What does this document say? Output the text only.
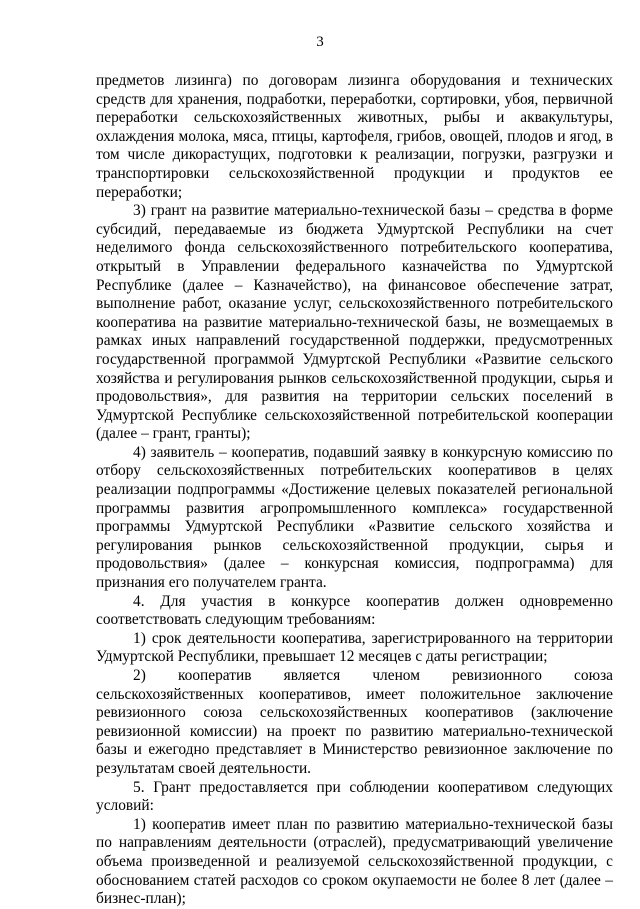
3

предметов лизинга) по договорам лизинга оборудования и технических средств для хранения, подработки, переработки, сортировки, убоя, первичной переработки сельскохозяйственных животных, рыбы и аквакультуры, охлаждения молока, мяса, птицы, картофеля, грибов, овощей, плодов и ягод, в том числе дикорастущих, подготовки к реализации, погрузки, разгрузки и транспортировки сельскохозяйственной продукции и продуктов ее переработки;

3) грант на развитие материально-технической базы – средства в форме субсидий, передаваемые из бюджета Удмуртской Республики на счет неделимого фонда сельскохозяйственного потребительского кооператива, открытый в Управлении федерального казначейства по Удмуртской Республике (далее – Казначейство), на финансовое обеспечение затрат, выполнение работ, оказание услуг, сельскохозяйственного потребительского кооператива на развитие материально-технической базы, не возмещаемых в рамках иных направлений государственной поддержки, предусмотренных государственной программой Удмуртской Республики «Развитие сельского хозяйства и регулирования рынков сельскохозяйственной продукции, сырья и продовольствия», для развития на территории сельских поселений в Удмуртской Республике сельскохозяйственной потребительской кооперации (далее – грант, гранты);

4) заявитель – кооператив, подавший заявку в конкурсную комиссию по отбору сельскохозяйственных потребительских кооперативов в целях реализации подпрограммы «Достижение целевых показателей региональной программы развития агропромышленного комплекса» государственной программы Удмуртской Республики «Развитие сельского хозяйства и регулирования рынков сельскохозяйственной продукции, сырья и продовольствия» (далее – конкурсная комиссия, подпрограмма) для признания его получателем гранта.

4. Для участия в конкурсе кооператив должен одновременно соответствовать следующим требованиям:

1) срок деятельности кооператива, зарегистрированного на территории Удмуртской Республики, превышает 12 месяцев с даты регистрации;

2) кооператив является членом ревизионного союза сельскохозяйственных кооперативов, имеет положительное заключение ревизионного союза сельскохозяйственных кооперативов (заключение ревизионной комиссии) на проект по развитию материально-технической базы и ежегодно представляет в Министерство ревизионное заключение по результатам своей деятельности.

5. Грант предоставляется при соблюдении кооперативом следующих условий:

1) кооператив имеет план по развитию материально-технической базы по направлениям деятельности (отраслей), предусматривающий увеличение объема произведенной и реализуемой сельскохозяйственной продукции, с обоснованием статей расходов со сроком окупаемости не более 8 лет (далее – бизнес-план);
